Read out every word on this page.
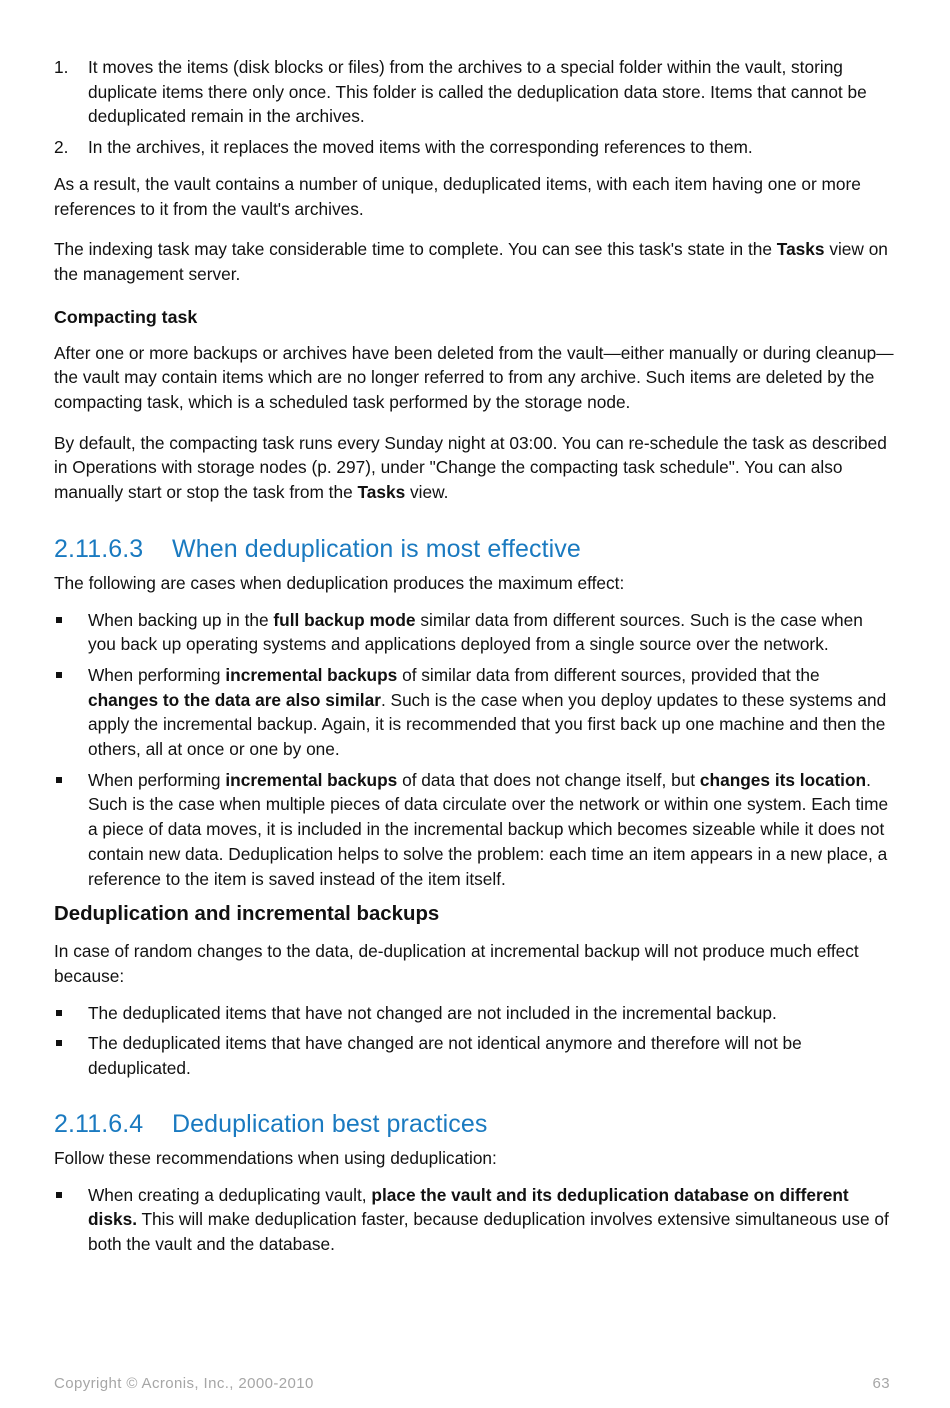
1. It moves the items (disk blocks or files) from the archives to a special folder within the vault, storing duplicate items there only once. This folder is called the deduplication data store. Items that cannot be deduplicated remain in the archives.
2. In the archives, it replaces the moved items with the corresponding references to them.

As a result, the vault contains a number of unique, deduplicated items, with each item having one or more references to it from the vault's archives.

The indexing task may take considerable time to complete. You can see this task's state in the Tasks view on the management server.

Compacting task

After one or more backups or archives have been deleted from the vault—either manually or during cleanup—the vault may contain items which are no longer referred to from any archive. Such items are deleted by the compacting task, which is a scheduled task performed by the storage node.

By default, the compacting task runs every Sunday night at 03:00. You can re-schedule the task as described in Operations with storage nodes (p. 297), under "Change the compacting task schedule". You can also manually start or stop the task from the Tasks view.

2.11.6.3 When deduplication is most effective

The following are cases when deduplication produces the maximum effect:

When backing up in the full backup mode similar data from different sources. Such is the case when you back up operating systems and applications deployed from a single source over the network.
When performing incremental backups of similar data from different sources, provided that the changes to the data are also similar. Such is the case when you deploy updates to these systems and apply the incremental backup. Again, it is recommended that you first back up one machine and then the others, all at once or one by one.
When performing incremental backups of data that does not change itself, but changes its location. Such is the case when multiple pieces of data circulate over the network or within one system. Each time a piece of data moves, it is included in the incremental backup which becomes sizeable while it does not contain new data. Deduplication helps to solve the problem: each time an item appears in a new place, a reference to the item is saved instead of the item itself.
Deduplication and incremental backups

In case of random changes to the data, de-duplication at incremental backup will not produce much effect because:

The deduplicated items that have not changed are not included in the incremental backup.
The deduplicated items that have changed are not identical anymore and therefore will not be deduplicated.
2.11.6.4 Deduplication best practices

Follow these recommendations when using deduplication:

When creating a deduplicating vault, place the vault and its deduplication database on different disks. This will make deduplication faster, because deduplication involves extensive simultaneous use of both the vault and the database.
Copyright © Acronis, Inc., 2000-2010	63
